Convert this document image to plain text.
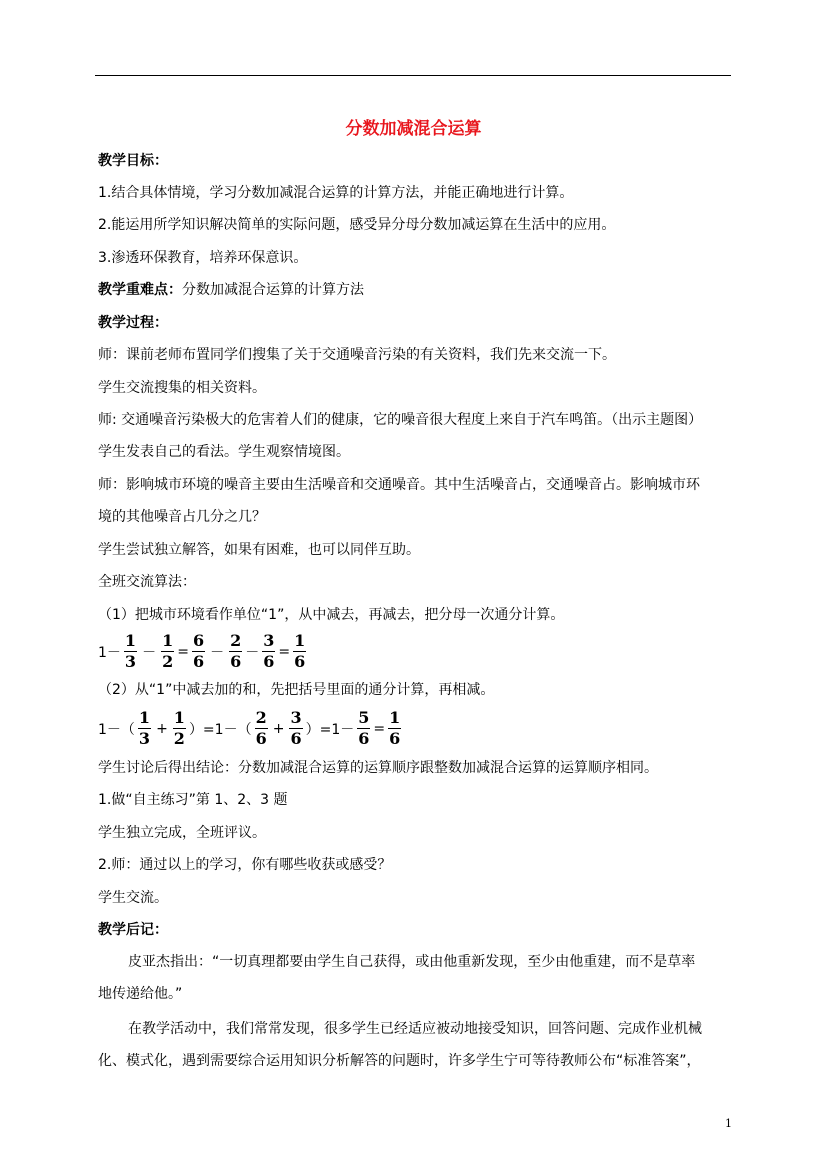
分数加减混合运算
教学目标：
1.结合具体情境，学习分数加减混合运算的计算方法，并能正确地进行计算。
2.能运用所学知识解决简单的实际问题，感受异分母分数加减运算在生活中的应用。
3.渗透环保教育，培养环保意识。
教学重难点：分数加减混合运算的计算方法
教学过程：
师：课前老师布置同学们搜集了关于交通噪音污染的有关资料，我们先来交流一下。
学生交流搜集的相关资料。
师: 交通噪音污染极大的危害着人们的健康，它的噪音很大程度上来自于汽车鸣笛。（出示主题图）
学生发表自己的看法。学生观察情境图。
师：影响城市环境的噪音主要由生活噪音和交通噪音。其中生活噪音占，交通噪音占。影响城市环
境的其他噪音占几分之几？
学生尝试独立解答，如果有困难，也可以同伴互助。
全班交流算法：
（1）把城市环境看作单位“1”，从中减去，再减去，把分母一次通分计算。
$1- \frac{1}{3} - \frac{1}{2} = \frac{6}{6} - \frac{2}{6} - \frac{3}{6} = \frac{1}{6}$
（2）从“1”中减去加的和，先把括号里面的通分计算，再相减。
$1-( \frac{1}{3} + \frac{1}{2} )=1-( \frac{2}{6} + \frac{3}{6} )=1- \frac{5}{6} = \frac{1}{6}$
学生讨论后得出结论：分数加减混合运算的运算顺序跟整数加减混合运算的运算顺序相同。
1.做“自主练习”第 1、2、3 题
学生独立完成，全班评议。
2.师：通过以上的学习，你有哪些收获或感受？
学生交流。
教学后记：
皮亚杰指出：“一切真理都要由学生自己获得，或由他重新发现，至少由他重建，而不是草率
地传递给他。”
在教学活动中，我们常常发现，很多学生已经适应被动地接受知识，回答问题、完成作业机械
化、模式化，遇到需要综合运用知识分析解答的问题时，许多学生宁可等待教师公布“标准答案”，
1
